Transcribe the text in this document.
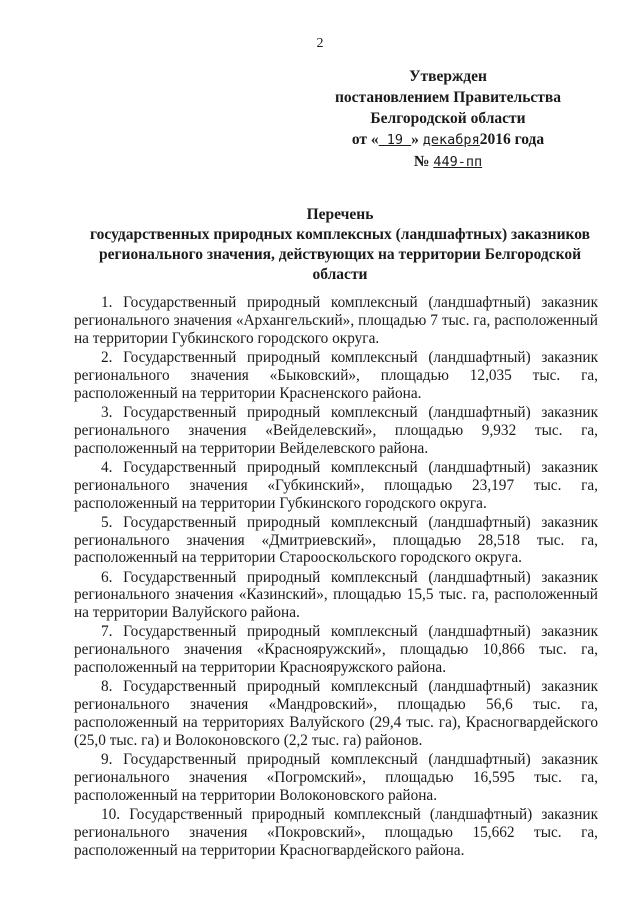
2
Утвержден
постановлением Правительства
Белгородской области
от « 19 » декабря2016 года
№ 449-пп
Перечень
государственных природных комплексных (ландшафтных) заказников регионального значения, действующих на территории Белгородской области
1. Государственный природный комплексный (ландшафтный) заказник регионального значения «Архангельский», площадью 7 тыс. га, расположенный на территории Губкинского городского округа.
2. Государственный природный комплексный (ландшафтный) заказник регионального значения «Быковский», площадью 12,035 тыс. га, расположенный на территории Красненского района.
3. Государственный природный комплексный (ландшафтный) заказник регионального значения «Вейделевский», площадью 9,932 тыс. га, расположенный на территории Вейделевского района.
4. Государственный природный комплексный (ландшафтный) заказник регионального значения «Губкинский», площадью 23,197 тыс. га, расположенный на территории Губкинского городского округа.
5. Государственный природный комплексный (ландшафтный) заказник регионального значения «Дмитриевский», площадью 28,518 тыс. га, расположенный на территории Старооскольского городского округа.
6. Государственный природный комплексный (ландшафтный) заказник регионального значения «Казинский», площадью 15,5 тыс. га, расположенный на территории Валуйского района.
7. Государственный природный комплексный (ландшафтный) заказник регионального значения «Краснояружский», площадью 10,866 тыс. га, расположенный на территории Краснояружского района.
8. Государственный природный комплексный (ландшафтный) заказник регионального значения «Мандровский», площадью 56,6 тыс. га, расположенный на территориях Валуйского (29,4 тыс. га), Красногвардейского (25,0 тыс. га) и Волоконовского (2,2 тыс. га) районов.
9. Государственный природный комплексный (ландшафтный) заказник регионального значения «Погромский», площадью 16,595 тыс. га, расположенный на территории Волоконовского района.
10. Государственный природный комплексный (ландшафтный) заказник регионального значения «Покровский», площадью 15,662 тыс. га, расположенный на территории Красногвардейского района.
